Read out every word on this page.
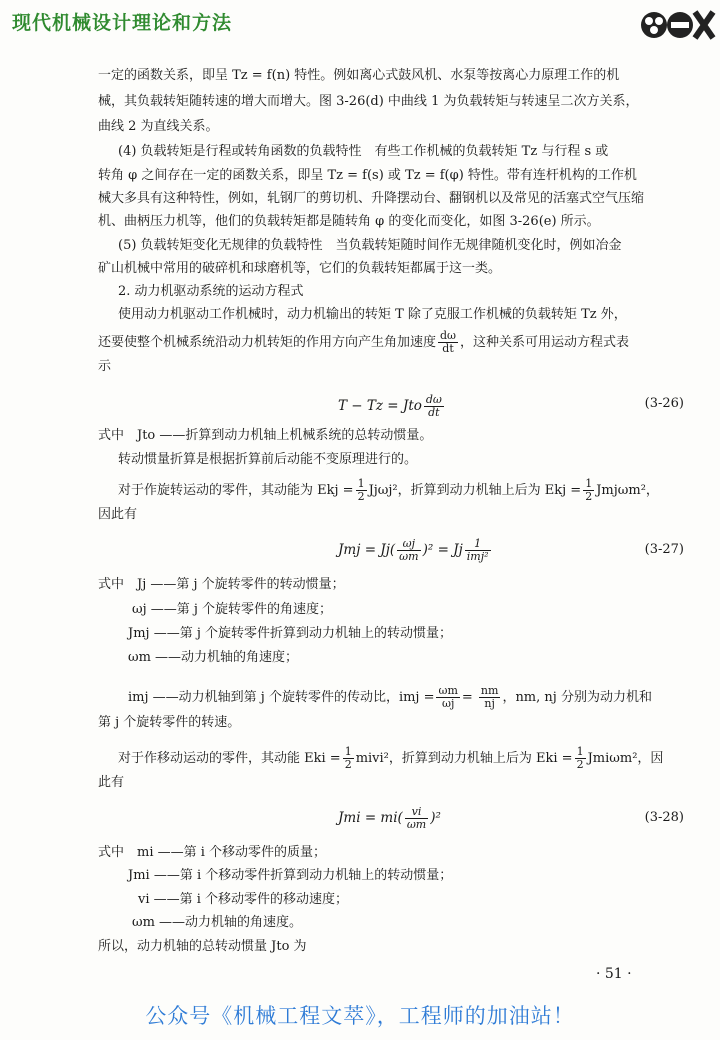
现代机械设计理论和方法
一定的函数关系，即呈 Tz = f(n) 特性。例如离心式鼓风机、水泵等按离心力原理工作的机
械，其负载转矩随转速的增大而增大。图 3-26(d) 中曲线 1 为负载转矩与转速呈二次方关系，
曲线 2 为直线关系。
(4) 负载转矩是行程或转角函数的负载特性　有些工作机械的负载转矩 Tz 与行程 s 或
转角 φ 之间存在一定的函数关系，即呈 Tz = f(s) 或 Tz = f(φ) 特性。带有连杆机构的工作机
械大多具有这种特性，例如，轧钢厂的剪切机、升降摆动台、翻钢机以及常见的活塞式空气压缩
机、曲柄压力机等，他们的负载转矩都是随转角 φ 的变化而变化，如图 3-26(e) 所示。
(5) 负载转矩变化无规律的负载特性　当负载转矩随时间作无规律随机变化时，例如冶金
矿山机械中常用的破碎机和球磨机等，它们的负载转矩都属于这一类。
2. 动力机驱动系统的运动方程式
使用动力机驱动工作机械时，动力机输出的转矩 T 除了克服工作机械的负载转矩 Tz 外，
还要使整个机械系统沿动力机转矩的作用方向产生角加速度 $\frac{d\omega}{dt}$ ，这种关系可用运动方程式表
示
T − Tz = Jto $\frac{d\omega}{dt}$	(3-26)
式中　Jto ——折算到动力机轴上机械系统的总转动惯量。
转动惯量折算是根据折算前后动能不变原理进行的。
对于作旋转运动的零件，其动能为 Ekj = $\frac{1}{2} Jj\omega j^2$，折算到动力机轴上后为 Ekj = $\frac{1}{2} Jmj\omega m^2$，
因此有
Jmj = $Jj( \frac{\omega j}{\omega m} )^2 = Jj \frac{1}{\text{imj²}}$	(3-27)
式中　Jj ——第 j 个旋转零件的转动惯量；
ωj ——第 j 个旋转零件的角速度；
Jmj ——第 j 个旋转零件折算到动力机轴上的转动惯量；
ωm ——动力机轴的角速度；
imj ——动力机轴到第 j 个旋转零件的传动比，imj = $\frac{\omega m}{\omega j} = \frac{nm}{nj}$ ，nm, nj 分别为动力机和
第 j 个旋转零件的转速。
对于作移动运动的零件，其动能 Eki = $\frac{1}{2}$ mivi²，折算到动力机轴上后为 Eki = $\frac{1}{2} Jmi\omega m^2$，因
此有
Jmi = $mi( \frac{vi}{\omega m} )^2$	(3-28)
式中　mi ——第 i 个移动零件的质量；
Jmi ——第 i 个移动零件折算到动力机轴上的转动惯量；
vi ——第 i 个移动零件的移动速度；
ωm ——动力机轴的角速度。
所以，动力机轴的总转动惯量 Jto 为
· 51 ·
公众号《机械工程文萃》，工程师的加油站！
